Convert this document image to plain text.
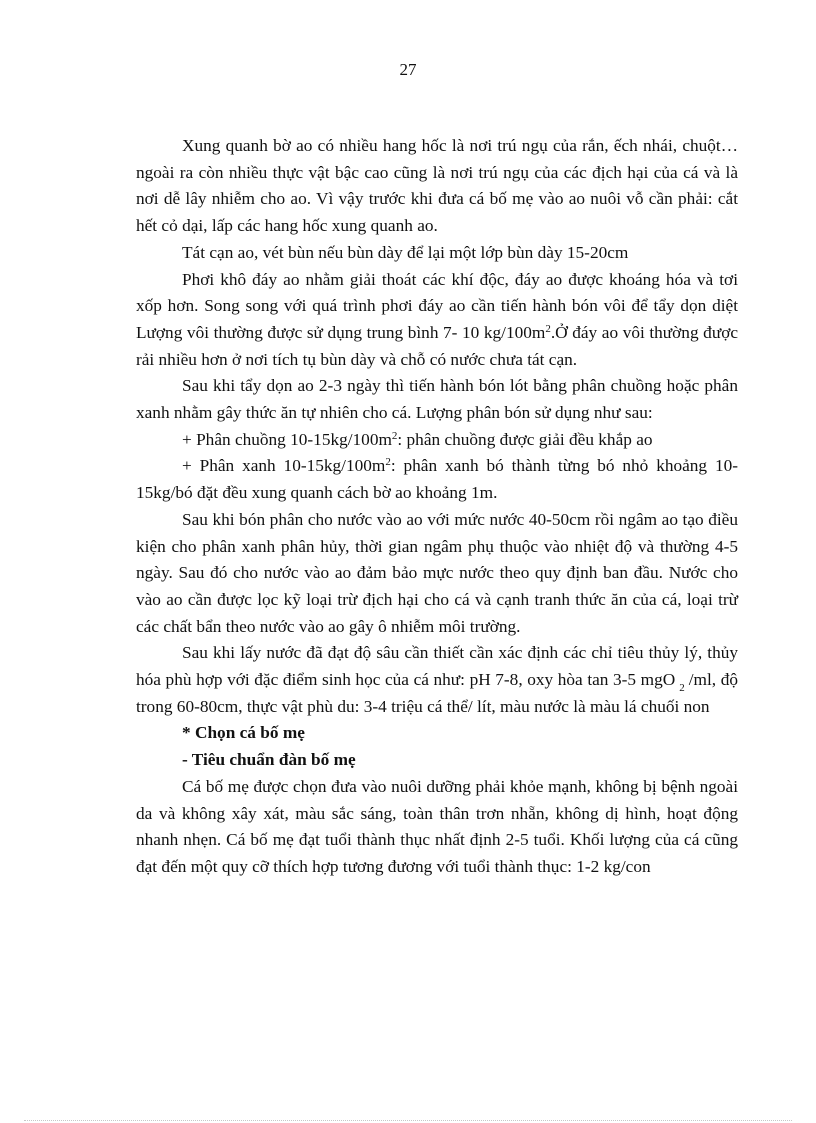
27

Xung quanh bờ ao có nhiều hang hốc là nơi trú ngụ của rắn, ếch nhái, chuột… ngoài ra còn nhiều thực vật bậc cao cũng là nơi trú ngụ của các địch hại của cá và là nơi dễ lây nhiễm cho ao. Vì vậy trước khi đưa cá bố mẹ vào ao nuôi vỗ cần phải: cắt hết cỏ dại, lấp các hang hốc xung quanh ao.

Tát cạn ao, vét bùn nếu bùn dày để lại một lớp bùn dày 15-20cm

Phơi khô đáy ao nhằm giải thoát các khí độc, đáy ao được khoáng hóa và tơi xốp hơn. Song song với quá trình phơi đáy ao cần tiến hành bón vôi để tẩy dọn diệt Lượng vôi thường được sử dụng trung bình 7- 10 $kg/100m^2.Ở$ đáy ao vôi thường được rải nhiều hơn ở nơi tích tụ bùn dày và chỗ có nước chưa tát cạn.

Sau khi tẩy dọn ao 2-3 ngày thì tiến hành bón lót bằng phân chuồng hoặc phân xanh nhằm gây thức ăn tự nhiên cho cá. Lượng phân bón sử dụng như sau:

+ Phân chuồng $10-15kg/100m^2$: phân chuồng được giải đều khắp ao

+ Phân xanh $10-15kg/100m^2$: phân xanh bó thành từng bó nhỏ khoảng 10-15kg/bó đặt đều xung quanh cách bờ ao khoảng 1m.

Sau khi bón phân cho nước vào ao với mức nước 40-50cm rồi ngâm ao tạo điều kiện cho phân xanh phân hủy, thời gian ngâm phụ thuộc vào nhiệt độ và thường 4-5 ngày. Sau đó cho nước vào ao đảm bảo mực nước theo quy định ban đầu. Nước cho vào ao cần được lọc kỹ loại trừ địch hại cho cá và cạnh tranh thức ăn của cá, loại trừ các chất bẩn theo nước vào ao gây ô nhiễm môi trường.

Sau khi lấy nước đã đạt độ sâu cần thiết cần xác định các chỉ tiêu thủy lý, thủy hóa phù hợp với đặc điểm sinh học của cá như: pH 7-8, oxy hòa tan 3-5 mgO $_2$ /ml, độ trong 60-80cm, thực vật phù du: 3-4 triệu cá thể/ lít, màu nước là màu lá chuối non

* Chọn cá bố mẹ

- Tiêu chuẩn đàn bố mẹ

Cá bố mẹ được chọn đưa vào nuôi dưỡng phải khỏe mạnh, không bị bệnh ngoài da và không xây xát, màu sắc sáng, toàn thân trơn nhẵn, không dị hình, hoạt động nhanh nhẹn. Cá bố mẹ đạt tuổi thành thục nhất định 2-5 tuổi. Khối lượng của cá cũng đạt đến một quy cỡ thích hợp tương đương với tuổi thành thục: 1-2 kg/con
